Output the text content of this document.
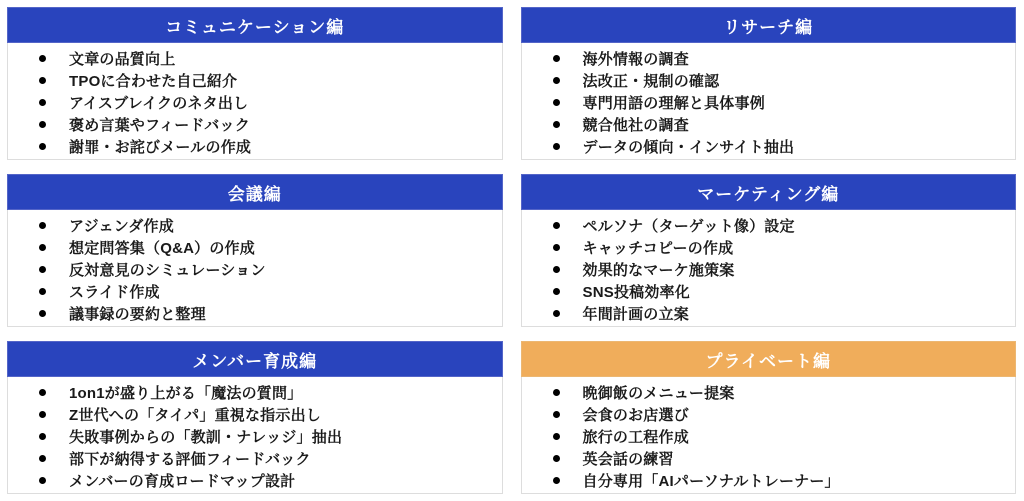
コミュニケーション編
文章の品質向上
TPOに合わせた自己紹介
アイスブレイクのネタ出し
褒め言葉やフィードバック
謝罪・お詫びメールの作成
リサーチ編
海外情報の調査
法改正・規制の確認
専門用語の理解と具体事例
競合他社の調査
データの傾向・インサイト抽出
会議編
アジェンダ作成
想定問答集（Q&A）の作成
反対意見のシミュレーション
スライド作成
議事録の要約と整理
マーケティング編
ペルソナ（ターゲット像）設定
キャッチコピーの作成
効果的なマーケ施策案
SNS投稿効率化
年間計画の立案
メンバー育成編
1on1が盛り上がる「魔法の質問」
Z世代への「タイパ」重視な指示出し
失敗事例からの「教訓・ナレッジ」抽出
部下が納得する評価フィードバック
メンバーの育成ロードマップ設計
プライベート編
晩御飯のメニュー提案
会食のお店選び
旅行の工程作成
英会話の練習
自分専用「AIパーソナルトレーナー」
